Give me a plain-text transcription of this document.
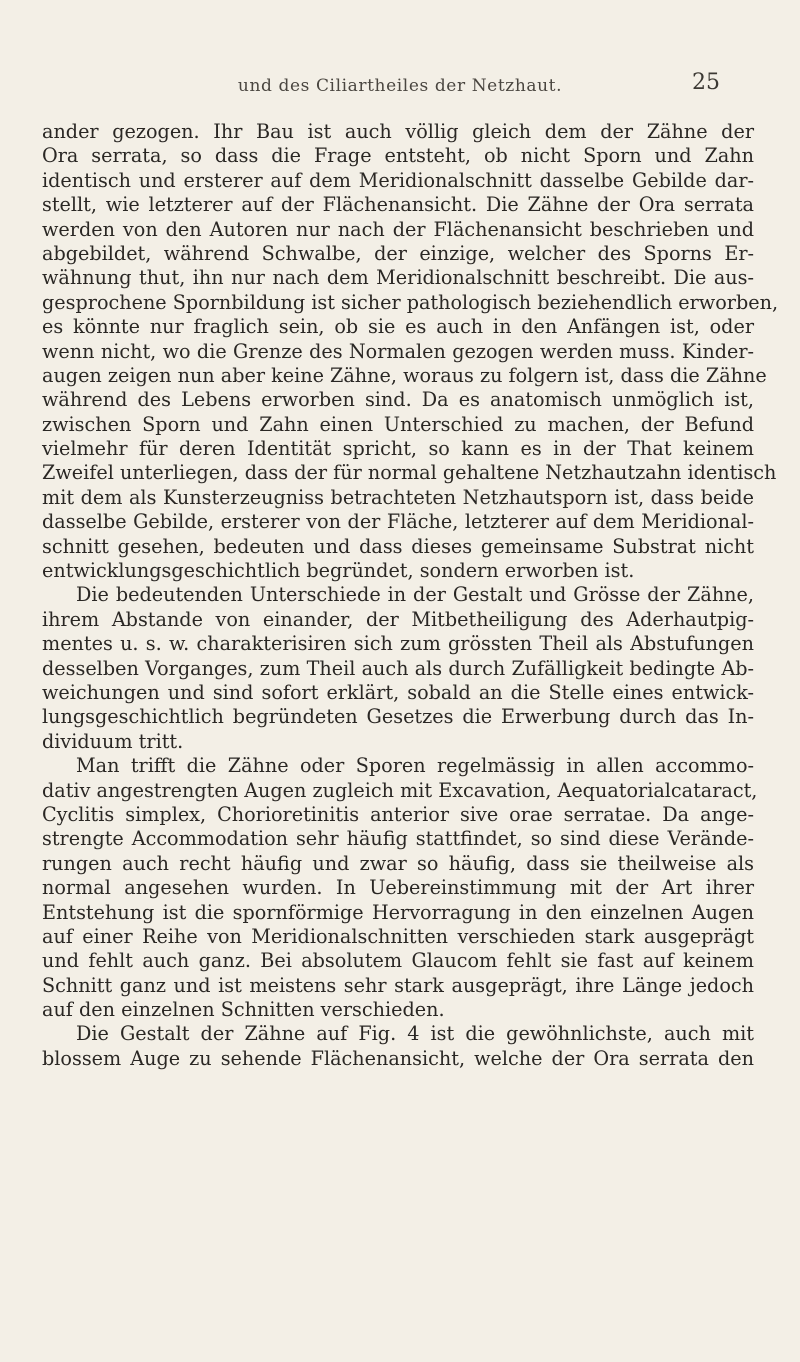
und des Ciliartheiles der Netzhaut.	25
ander gezogen. Ihr Bau ist auch völlig gleich dem der Zähne der
Ora serrata, so dass die Frage entsteht, ob nicht Sporn und Zahn
identisch und ersterer auf dem Meridionalschnitt dasselbe Gebilde dar-
stellt, wie letzterer auf der Flächenansicht. Die Zähne der Ora serrata
werden von den Autoren nur nach der Flächenansicht beschrieben und
abgebildet, während Schwalbe, der einzige, welcher des Sporns Er-
wähnung thut, ihn nur nach dem Meridionalschnitt beschreibt. Die aus-
gesprochene Spornbildung ist sicher pathologisch beziehendlich erworben,
es könnte nur fraglich sein, ob sie es auch in den Anfängen ist, oder
wenn nicht, wo die Grenze des Normalen gezogen werden muss. Kinder-
augen zeigen nun aber keine Zähne, woraus zu folgern ist, dass die Zähne
während des Lebens erworben sind. Da es anatomisch unmöglich ist,
zwischen Sporn und Zahn einen Unterschied zu machen, der Befund
vielmehr für deren Identität spricht, so kann es in der That keinem
Zweifel unterliegen, dass der für normal gehaltene Netzhautzahn identisch
mit dem als Kunsterzeugniss betrachteten Netzhautsporn ist, dass beide
dasselbe Gebilde, ersterer von der Fläche, letzterer auf dem Meridional-
schnitt gesehen, bedeuten und dass dieses gemeinsame Substrat nicht
entwicklungsgeschichtlich begründet, sondern erworben ist.
Die bedeutenden Unterschiede in der Gestalt und Grösse der Zähne,
ihrem Abstande von einander, der Mitbetheiligung des Aderhautpig-
mentes u. s. w. charakterisiren sich zum grössten Theil als Abstufungen
desselben Vorganges, zum Theil auch als durch Zufälligkeit bedingte Ab-
weichungen und sind sofort erklärt, sobald an die Stelle eines entwick-
lungsgeschichtlich begründeten Gesetzes die Erwerbung durch das In-
dividuum tritt.
Man trifft die Zähne oder Sporen regelmässig in allen accommo-
dativ angestrengten Augen zugleich mit Excavation, Aequatorialcataract,
Cyclitis simplex, Chorioretinitis anterior sive orae serratae. Da ange-
strengte Accommodation sehr häufig stattfindet, so sind diese Verände-
rungen auch recht häufig und zwar so häufig, dass sie theilweise als
normal angesehen wurden. In Uebereinstimmung mit der Art ihrer
Entstehung ist die spornförmige Hervorragung in den einzelnen Augen
auf einer Reihe von Meridionalschnitten verschieden stark ausgeprägt
und fehlt auch ganz. Bei absolutem Glaucom fehlt sie fast auf keinem
Schnitt ganz und ist meistens sehr stark ausgeprägt, ihre Länge jedoch
auf den einzelnen Schnitten verschieden.
Die Gestalt der Zähne auf Fig. 4 ist die gewöhnlichste, auch mit
blossem Auge zu sehende Flächenansicht, welche der Ora serrata den
